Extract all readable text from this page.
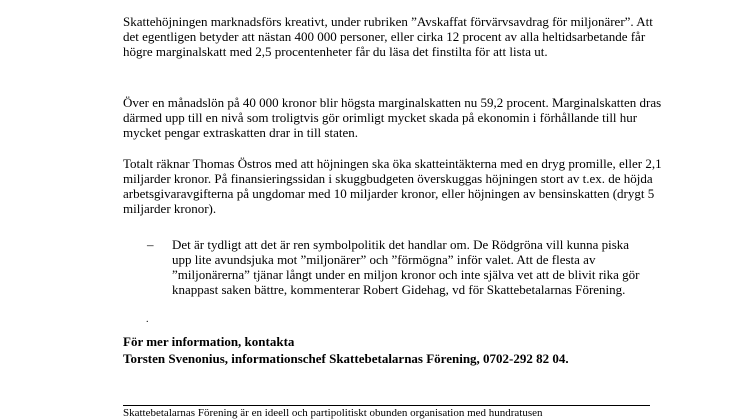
Skattehöjningen marknadsförs kreativt, under rubriken ”Avskaffat förvärvsavdrag för miljonärer”. Att det egentligen betyder att nästan 400 000 personer, eller cirka 12 procent av alla heltidsarbetande får högre marginalskatt med 2,5 procentenheter får du läsa det finstilta för att lista ut.

Över en månadslön på 40 000 kronor blir högsta marginalskatten nu 59,2 procent. Marginalskatten dras därmed upp till en nivå som troligtvis gör orimligt mycket skada på ekonomin i förhållande till hur mycket pengar extraskatten drar in till staten.

Totalt räknar Thomas Östros med att höjningen ska öka skatteintäkterna med en dryg promille, eller 2,1 miljarder kronor. På finansieringssidan i skuggbudgeten överskuggas höjningen stort av t.ex. de höjda arbetsgivaravgifterna på ungdomar med 10 miljarder kronor, eller höjningen av bensinskatten (drygt 5 miljarder kronor).

– Det är tydligt att det är ren symbolpolitik det handlar om. De Rödgröna vill kunna piska upp lite avundsjuka mot ”miljonärer” och ”förmögna” inför valet. Att de flesta av ”miljonärerna” tjänar långt under en miljon kronor och inte själva vet att de blivit rika gör knappast saken bättre, kommenterar Robert Gidehag, vd för Skattebetalarnas Förening.
.
För mer information, kontakta
Torsten Svenonius, informationschef Skattebetalarnas Förening, 0702-292 82 04.
Skattebetalarnas Förening är en ideell och partipolitiskt obunden organisation med hundratusen
